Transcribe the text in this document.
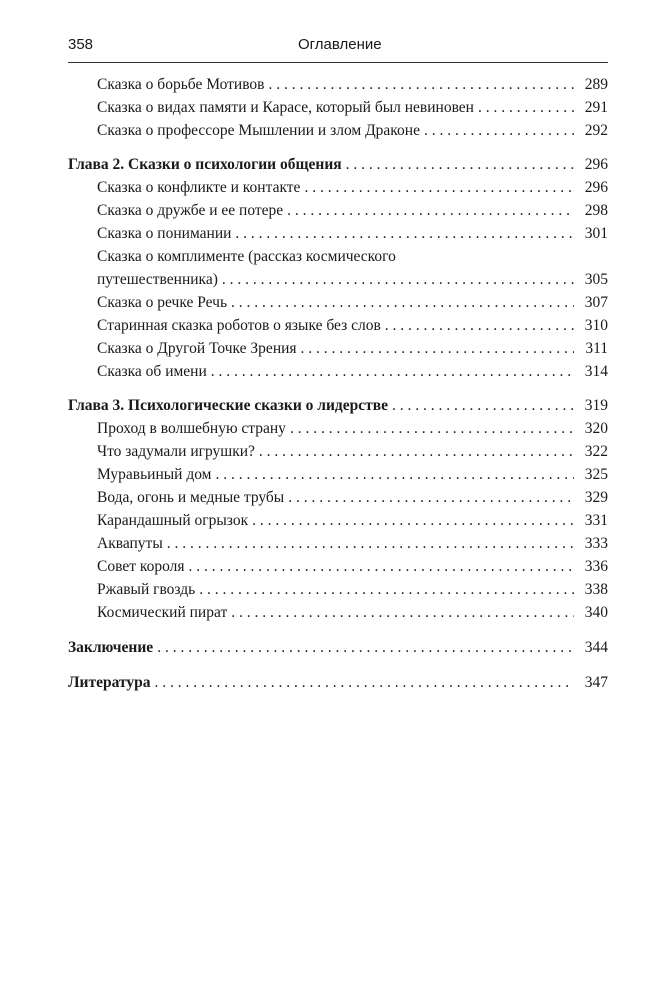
358	Оглавление
Сказка о борьбе Мотивов . . .	289
Сказка о видах памяти и Карасе, который был невиновен . . .	291
Сказка о профессоре Мышлении и злом Драконе . . .	292
Глава 2. Сказки о психологии общения . . .	296
Сказка о конфликте и контакте . . .	296
Сказка о дружбе и ее потере . . .	298
Сказка о понимании . . .	301
Сказка о комплименте (рассказ космического
путешественника) . . .	305
Сказка о речке Речь . . .	307
Старинная сказка роботов о языке без слов . . .	310
Сказка о Другой Точке Зрения . . .	311
Сказка об имени . . .	314
Глава 3. Психологические сказки о лидерстве . . .	319
Проход в волшебную страну . . .	320
Что задумали игрушки? . . .	322
Муравьиный дом . . .	325
Вода, огонь и медные трубы . . .	329
Карандашный огрызок . . .	331
Аквапуты . . .	333
Совет короля . . .	336
Ржавый гвоздь . . .	338
Космический пират . . .	340
Заключение . . .	344
Литература . . .	347
